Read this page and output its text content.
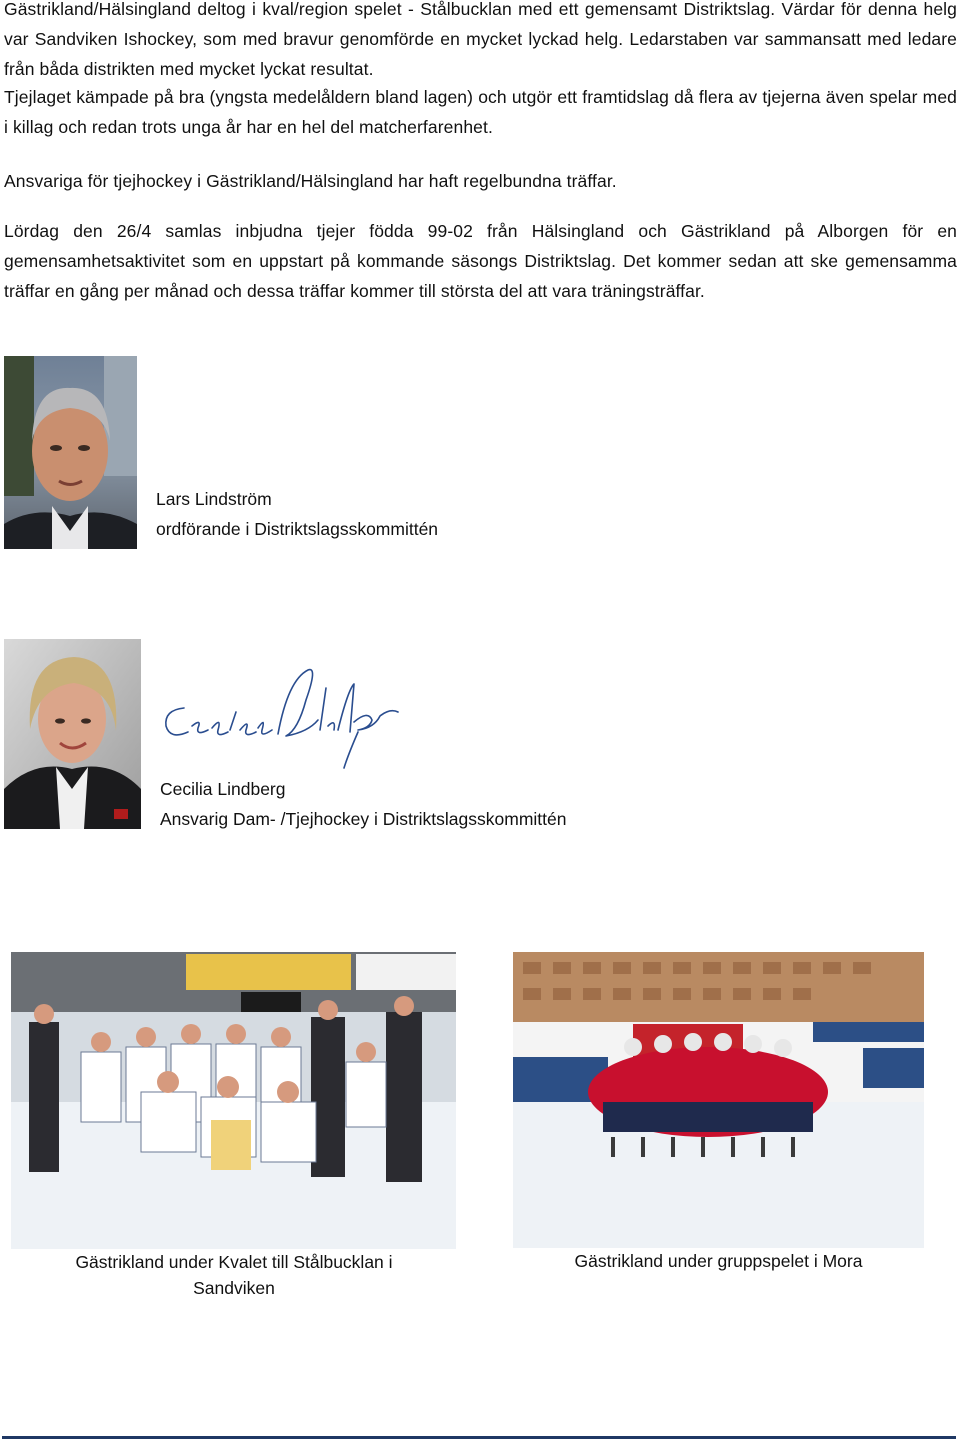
Gästrikland/Hälsingland deltog i kval/region spelet - Stålbucklan med ett gemensamt Distriktslag. Värdar för denna helg var Sandviken Ishockey, som med bravur genomförde en mycket lyckad helg. Ledarstaben var sammansatt med ledare från båda distrikten med mycket lyckat resultat.

Tjejlaget kämpade på bra (yngsta medelåldern bland lagen) och utgör ett framtidslag då flera av tjejerna även spelar med i killag och redan trots unga år har en hel del matcherfarenhet.

Ansvariga för tjejhockey i Gästrikland/Hälsingland har haft regelbundna träffar.

Lördag den 26/4 samlas inbjudna tjejer födda 99-02 från Hälsingland och Gästrikland på Alborgen för en gemensamhetsaktivitet som en uppstart på kommande säsongs Distriktslag. Det kommer sedan att ske gemensamma träffar en gång per månad och dessa träffar kommer till största del att vara träningsträffar.

Lars Lindström
ordförande i Distriktslagsskommittén
Cecilia Lindberg
Ansvarig Dam- /Tjejhockey i Distriktslagsskommittén
Gästrikland under Kvalet till Stålbucklan i Sandviken
Gästrikland under gruppspelet i Mora
